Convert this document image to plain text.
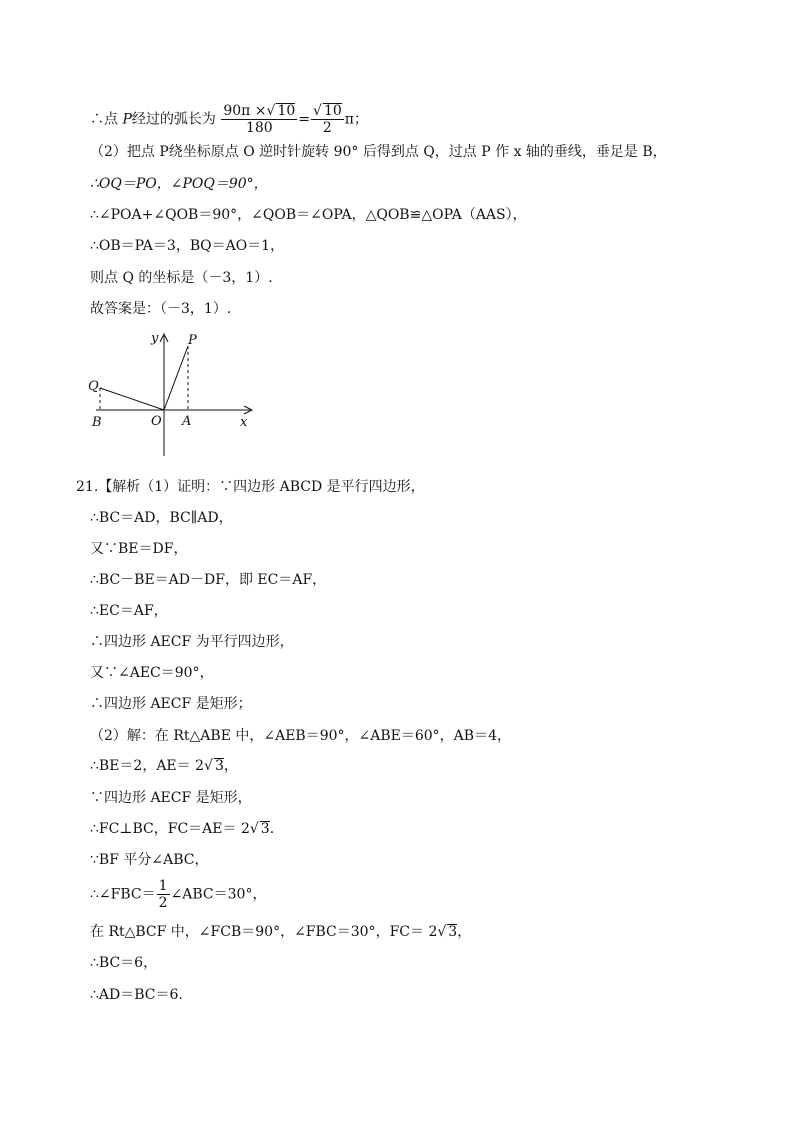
∴点 P经过的弧长为 $\frac{90\pi \times√ 10}{180} = \frac{√ 10}{2}$ π；
（2）把点 P绕坐标原点 O 逆时针旋转 90° 后得到点 Q，过点 P 作 x 轴的垂线，垂足是 B，
∴OQ＝PO，∠POQ＝90°，
∴∠POA+∠QOB＝90°，∠QOB＝∠OPA，△QOB≌△OPA（AAS），
∴OB＝PA＝3，BQ＝AO＝1，
则点 Q 的坐标是（－3，1）.
故答案是：（－3，1）.
y P
Q
B	O A	x
21.【解析（1）证明：∵四边形 ABCD 是平行四边形，
∴BC＝AD，BC∥AD，
又∵BE＝DF，
∴BC－BE＝AD－DF，即 EC＝AF，
∴EC＝AF，
∴四边形 AECF 为平行四边形，
又∵∠AEC＝90°，
∴四边形 AECF 是矩形；
（2）解：在 Rt△ABE 中，∠AEB＝90°，∠ABE＝60°，AB＝4，
∴BE＝2，AE＝ 2√ 3，
∵四边形 AECF 是矩形，
∴FC⊥BC，FC＝AE＝ 2√ 3.
∵BF 平分∠ABC，
∴∠FBC＝ $\frac{1}{2}$ ∠ABC＝30°，
在 Rt△BCF 中，∠FCB＝90°，∠FBC＝30°，FC＝ 2√ 3，
∴BC＝6，
∴AD＝BC＝6.
